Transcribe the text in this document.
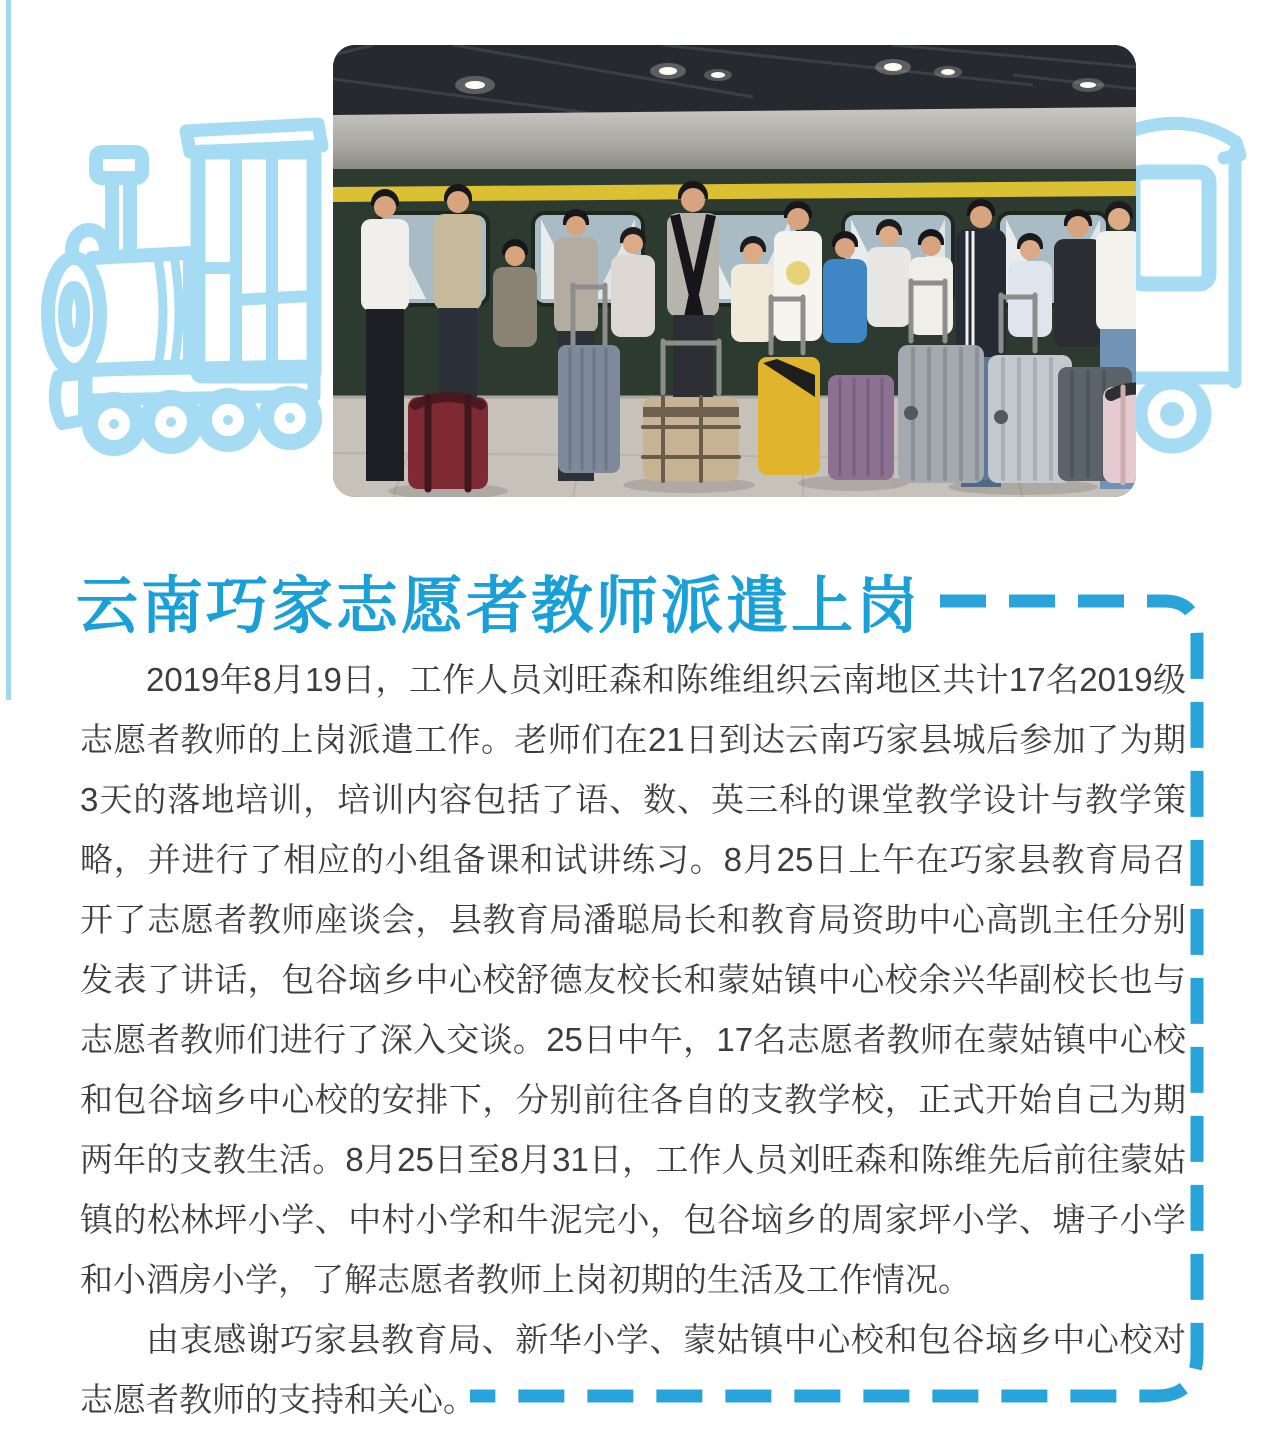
云南巧家志愿者教师派遣上岗

2019年8月19日，工作人员刘旺森和陈维组织云南地区共计17名2019级志愿者教师的上岗派遣工作。老师们在21日到达云南巧家县城后参加了为期3天的落地培训，培训内容包括了语、数、英三科的课堂教学设计与教学策略，并进行了相应的小组备课和试讲练习。8月25日上午在巧家县教育局召开了志愿者教师座谈会，县教育局潘聪局长和教育局资助中心高凯主任分别发表了讲话，包谷垴乡中心校舒德友校长和蒙姑镇中心校余兴华副校长也与志愿者教师们进行了深入交谈。25日中午，17名志愿者教师在蒙姑镇中心校和包谷垴乡中心校的安排下，分别前往各自的支教学校，正式开始自己为期两年的支教生活。8月25日至8月31日，工作人员刘旺森和陈维先后前往蒙姑镇的松林坪小学、中村小学和牛泥完小，包谷垴乡的周家坪小学、塘子小学和小酒房小学，了解志愿者教师上岗初期的生活及工作情况。

由衷感谢巧家县教育局、新华小学、蒙姑镇中心校和包谷垴乡中心校对志愿者教师的支持和关心。
